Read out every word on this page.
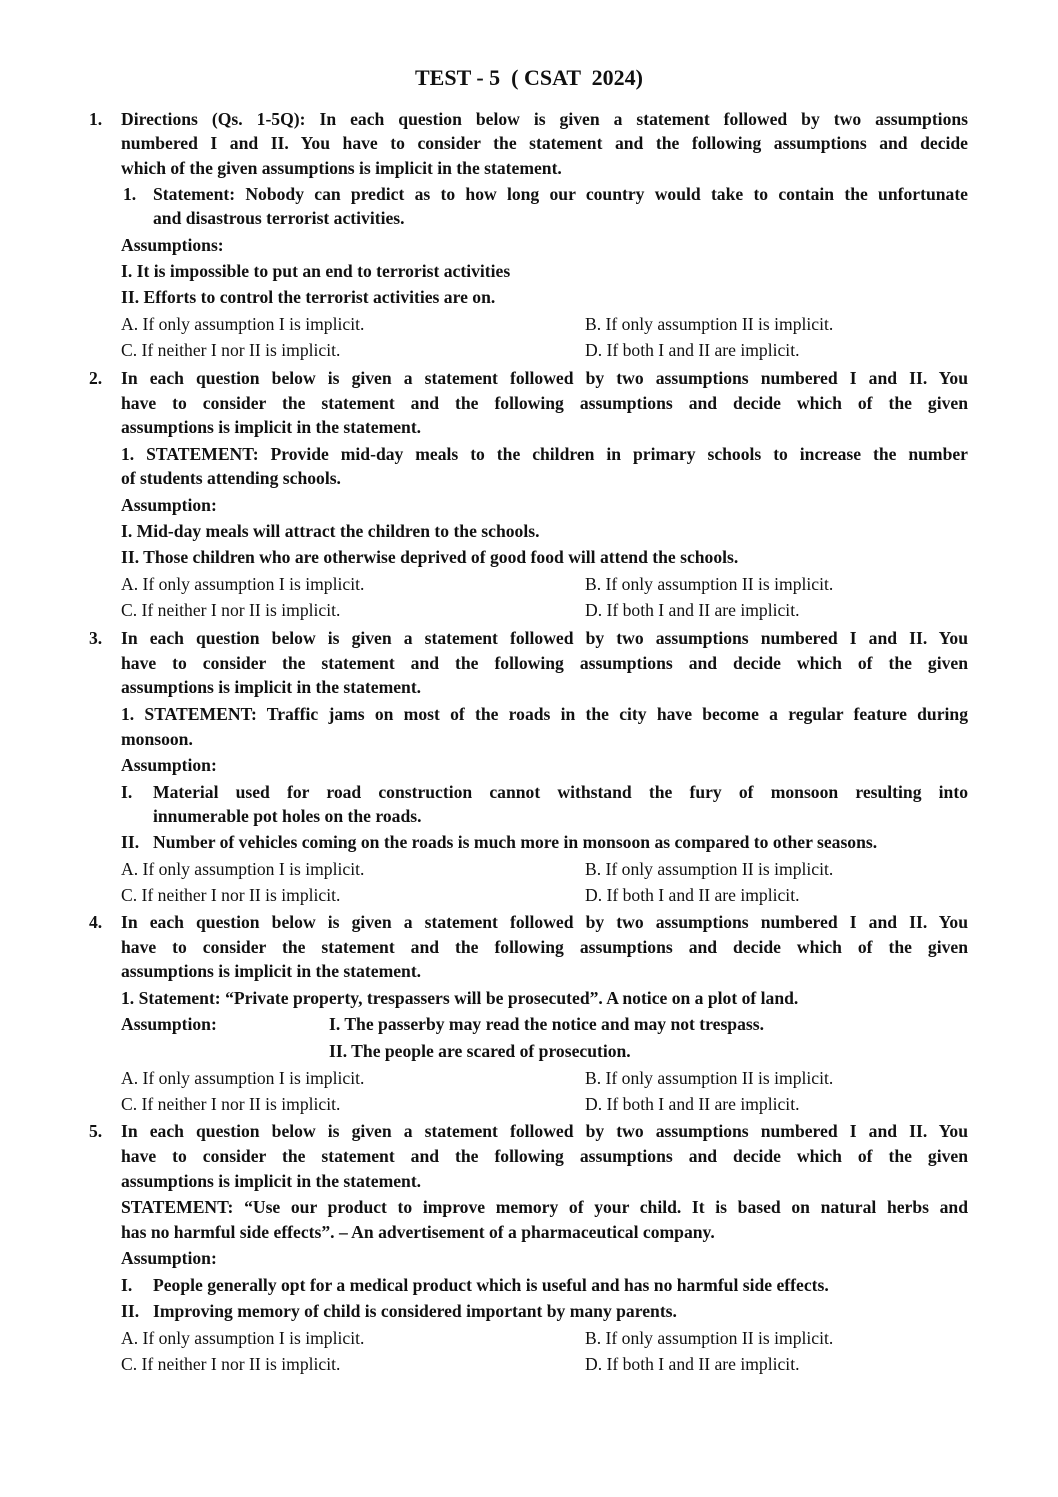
TEST - 5  ( CSAT  2024)
1. Directions (Qs. 1-5Q): In each question below is given a statement followed by two assumptions
numbered I and II. You have to consider the statement and the following assumptions and decide
which of the given assumptions is implicit in the statement.
1. Statement: Nobody can predict as to how long our country would take to contain the unfortunate
and disastrous terrorist activities.
Assumptions:
I. It is impossible to put an end to terrorist activities
II. Efforts to control the terrorist activities are on.
A. If only assumption I is implicit.	B. If only assumption II is implicit.
C. If neither I nor II is implicit.	D. If both I and II are implicit.
2. In each question below is given a statement followed by two assumptions numbered I and II. You
have to consider the statement and the following assumptions and decide which of the given
assumptions is implicit in the statement.
1. STATEMENT: Provide mid-day meals to the children in primary schools to increase the number
of students attending schools.
Assumption:
I. Mid-day meals will attract the children to the schools.
II. Those children who are otherwise deprived of good food will attend the schools.
A. If only assumption I is implicit.	B. If only assumption II is implicit.
C. If neither I nor II is implicit.	D. If both I and II are implicit.
3. In each question below is given a statement followed by two assumptions numbered I and II. You
have to consider the statement and the following assumptions and decide which of the given
assumptions is implicit in the statement.
1. STATEMENT: Traffic jams on most of the roads in the city have become a regular feature during
monsoon.
Assumption:
I. Material used for road construction cannot withstand the fury of monsoon resulting into
innumerable pot holes on the roads.
II. Number of vehicles coming on the roads is much more in monsoon as compared to other seasons.
A. If only assumption I is implicit.	B. If only assumption II is implicit.
C. If neither I nor II is implicit.	D. If both I and II are implicit.
4. In each question below is given a statement followed by two assumptions numbered I and II. You
have to consider the statement and the following assumptions and decide which of the given
assumptions is implicit in the statement.
1. Statement: “Private property, trespassers will be prosecuted”. A notice on a plot of land.
Assumption:	I. The passerby may read the notice and may not trespass.
II. The people are scared of prosecution.
A. If only assumption I is implicit.	B. If only assumption II is implicit.
C. If neither I nor II is implicit.	D. If both I and II are implicit.
5. In each question below is given a statement followed by two assumptions numbered I and II. You
have to consider the statement and the following assumptions and decide which of the given
assumptions is implicit in the statement.
STATEMENT: “Use our product to improve memory of your child. It is based on natural herbs and
has no harmful side effects”. – An advertisement of a pharmaceutical company.
Assumption:
I. People generally opt for a medical product which is useful and has no harmful side effects.
II. Improving memory of child is considered important by many parents.
A. If only assumption I is implicit.	B. If only assumption II is implicit.
C. If neither I nor II is implicit.	D. If both I and II are implicit.
